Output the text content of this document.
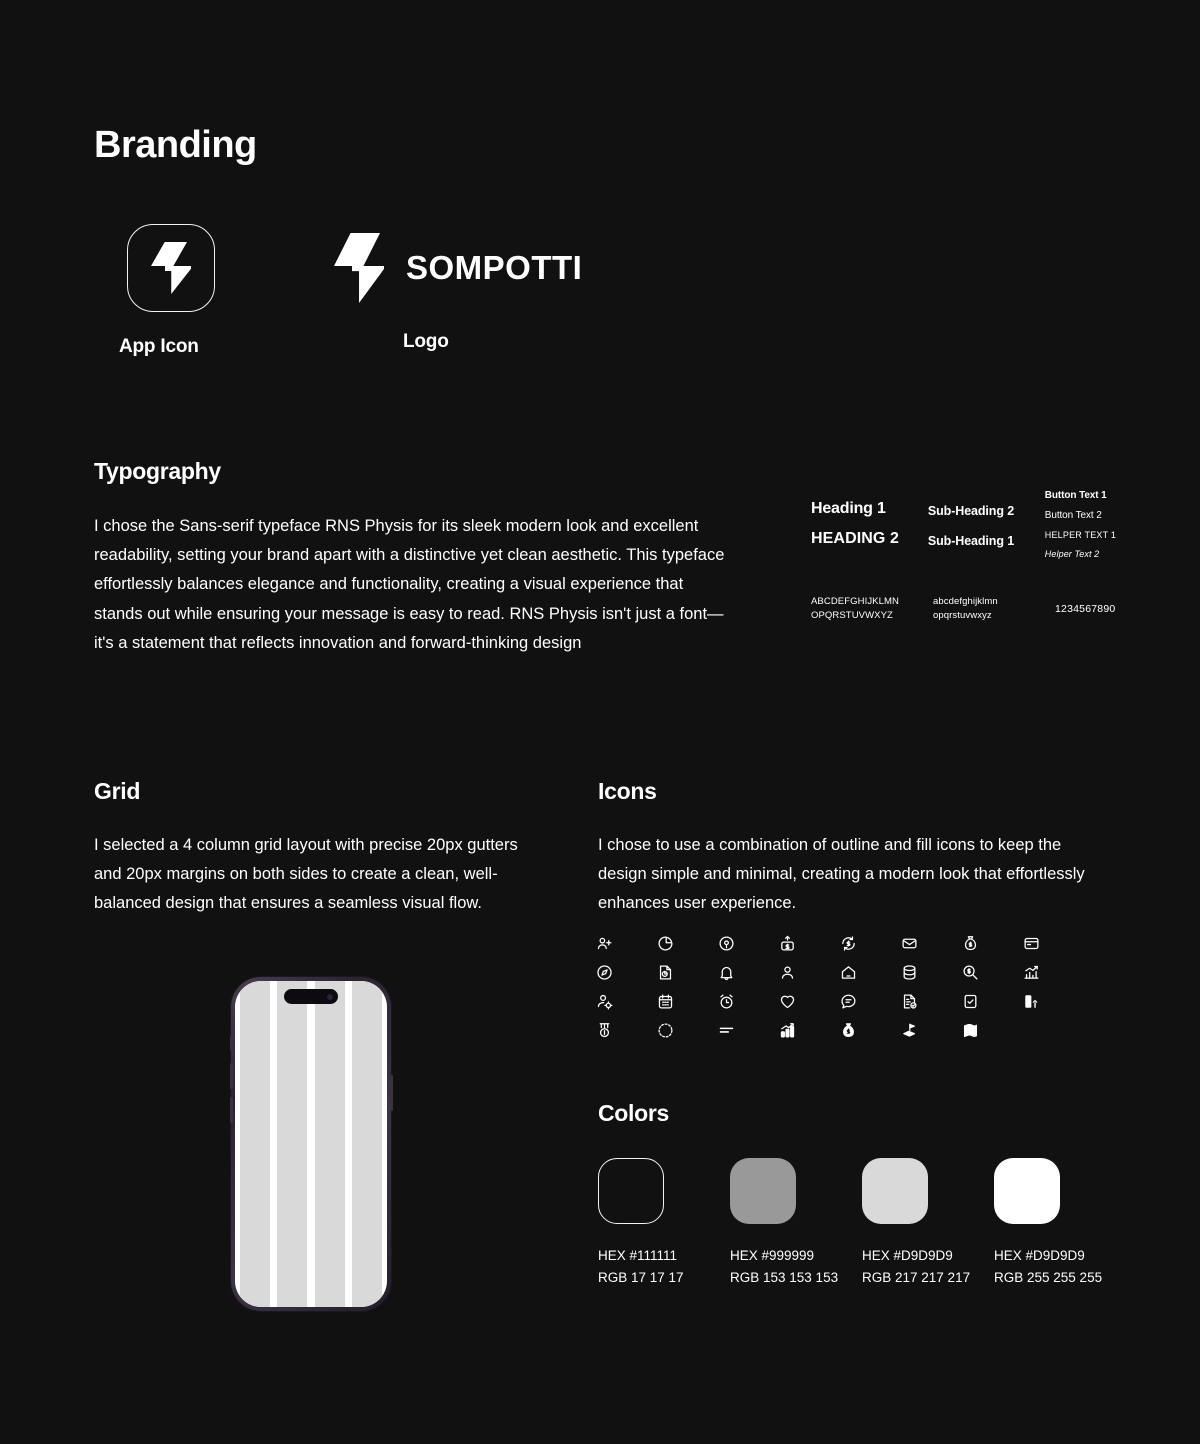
Branding
App Icon
SOMPOTTI
Logo
Typography
I chose the Sans-serif typeface RNS Physis for its sleek modern look and excellent readability, setting your brand apart with a distinctive yet clean aesthetic. This typeface effortlessly balances elegance and functionality, creating a visual experience that stands out while ensuring your message is easy to read. RNS Physis isn't just a font—it's a statement that reflects innovation and forward-thinking design
Heading 1
HEADING 2
Sub-Heading 2
Sub-Heading 1
Button Text 1
Button Text 2
HELPER TEXT 1
Helper Text 2
ABCDEFGHIJKLMN
OPQRSTUVWXYZ
abcdefghijklmn
opqrstuvwxyz
1234567890
Grid
I selected a 4 column grid layout with precise 20px gutters and 20px margins on both sides to create a clean, well-balanced design that ensures a seamless visual flow.
Icons
I chose to use a combination of outline and fill icons to keep the design simple and minimal, creating a modern look that effortlessly enhances user experience.
Colors
HEX #111111
RGB 17 17 17
HEX #999999
RGB 153 153 153
HEX #D9D9D9
RGB 217 217 217
HEX #D9D9D9
RGB 255 255 255
